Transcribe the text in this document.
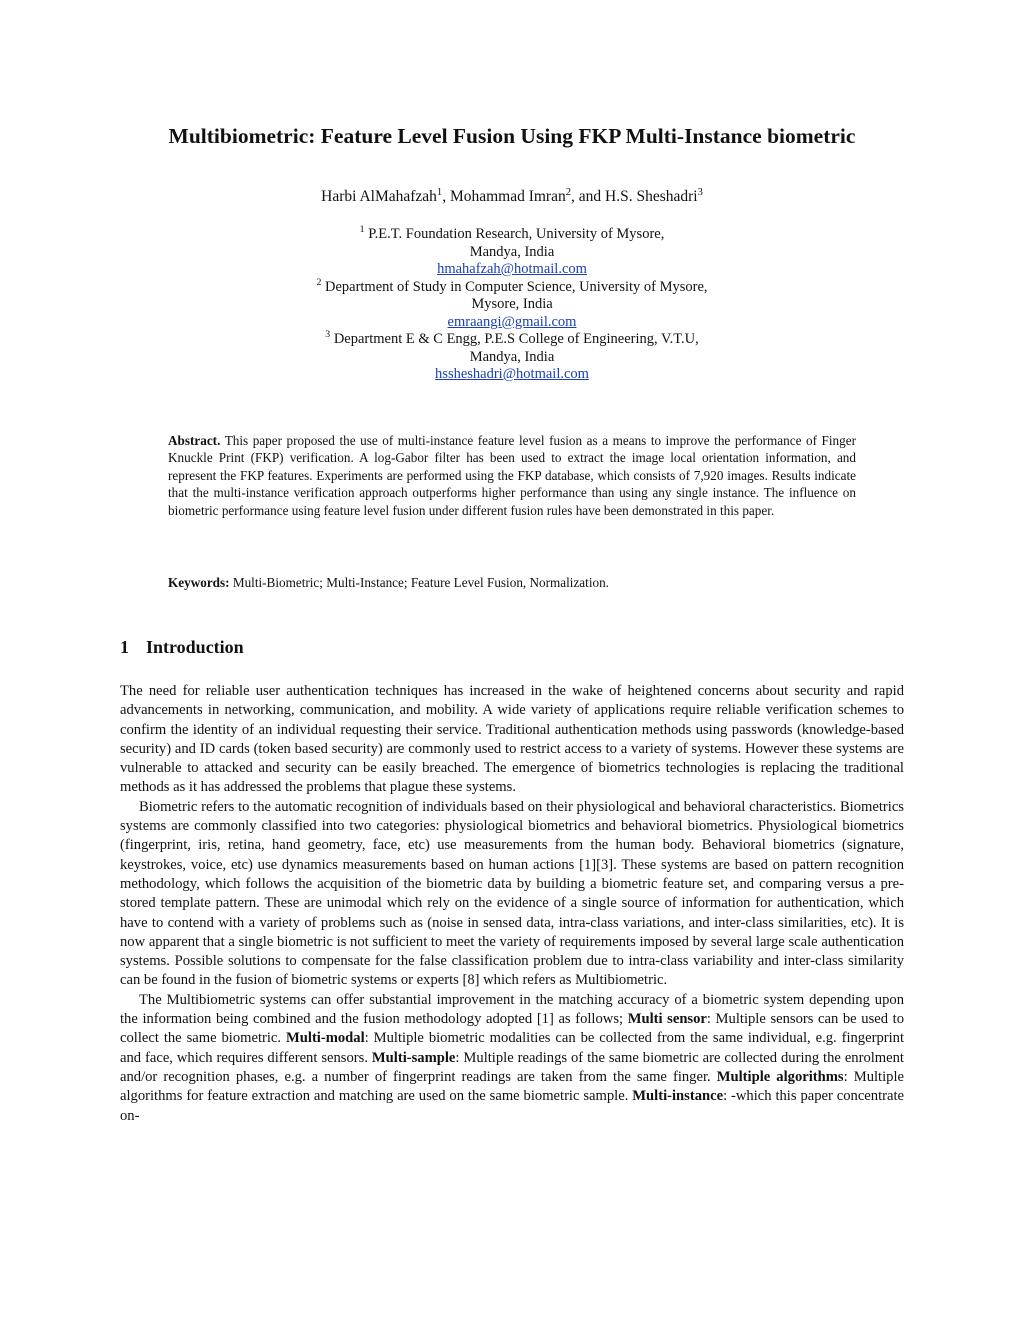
Multibiometric: Feature Level Fusion Using FKP Multi-Instance biometric
Harbi AlMahafzah$^1$, Mohammad Imran$^2$, and H.S. Sheshadri$^3$
$^1$ P.E.T. Foundation Research, University of Mysore,
Mandya, India
hmahafzah@hotmail.com
$^2$ Department of Study in Computer Science, University of Mysore,
Mysore, India
emraangi@gmail.com
$^3$ Department E & C Engg, P.E.S College of Engineering, V.T.U,
Mandya, India
hssheshadri@hotmail.com
Abstract. This paper proposed the use of multi-instance feature level fusion as a means to improve the performance of Finger Knuckle Print (FKP) verification. A log-Gabor filter has been used to extract the image local orientation information, and represent the FKP features. Experiments are performed using the FKP database, which consists of 7,920 images. Results indicate that the multi-instance verification approach outperforms higher performance than using any single instance. The influence on biometric performance using feature level fusion under different fusion rules have been demonstrated in this paper.
Keywords: Multi-Biometric; Multi-Instance; Feature Level Fusion, Normalization.
1 Introduction

The need for reliable user authentication techniques has increased in the wake of heightened concerns about security and rapid advancements in networking, communication, and mobility. A wide variety of applications require reliable verification schemes to confirm the identity of an individual requesting their service. Traditional authentication methods using passwords (knowledge-based security) and ID cards (token based security) are commonly used to restrict access to a variety of systems. However these systems are vulnerable to attacked and security can be easily breached. The emergence of biometrics technologies is replacing the traditional methods as it has addressed the problems that plague these systems.

Biometric refers to the automatic recognition of individuals based on their physiological and behavioral characteristics. Biometrics systems are commonly classified into two categories: physiological biometrics and behavioral biometrics. Physiological biometrics (fingerprint, iris, retina, hand geometry, face, etc) use measurements from the human body. Behavioral biometrics (signature, keystrokes, voice, etc) use dynamics measurements based on human actions [1][3]. These systems are based on pattern recognition methodology, which follows the acquisition of the biometric data by building a biometric feature set, and comparing versus a pre-stored template pattern. These are unimodal which rely on the evidence of a single source of information for authentication, which have to contend with a variety of problems such as (noise in sensed data, intra-class variations, and inter-class similarities, etc). It is now apparent that a single biometric is not sufficient to meet the variety of requirements imposed by several large scale authentication systems. Possible solutions to compensate for the false classification problem due to intra-class variability and inter-class similarity can be found in the fusion of biometric systems or experts [8] which refers as Multibiometric.

The Multibiometric systems can offer substantial improvement in the matching accuracy of a biometric system depending upon the information being combined and the fusion methodology adopted [1] as follows; Multi sensor: Multiple sensors can be used to collect the same biometric. Multi-modal: Multiple biometric modalities can be collected from the same individual, e.g. fingerprint and face, which requires different sensors. Multi-sample: Multiple readings of the same biometric are collected during the enrolment and/or recognition phases, e.g. a number of fingerprint readings are taken from the same finger. Multiple algorithms: Multiple algorithms for feature extraction and matching are used on the same biometric sample. Multi-instance: -which this paper concentrate on-
